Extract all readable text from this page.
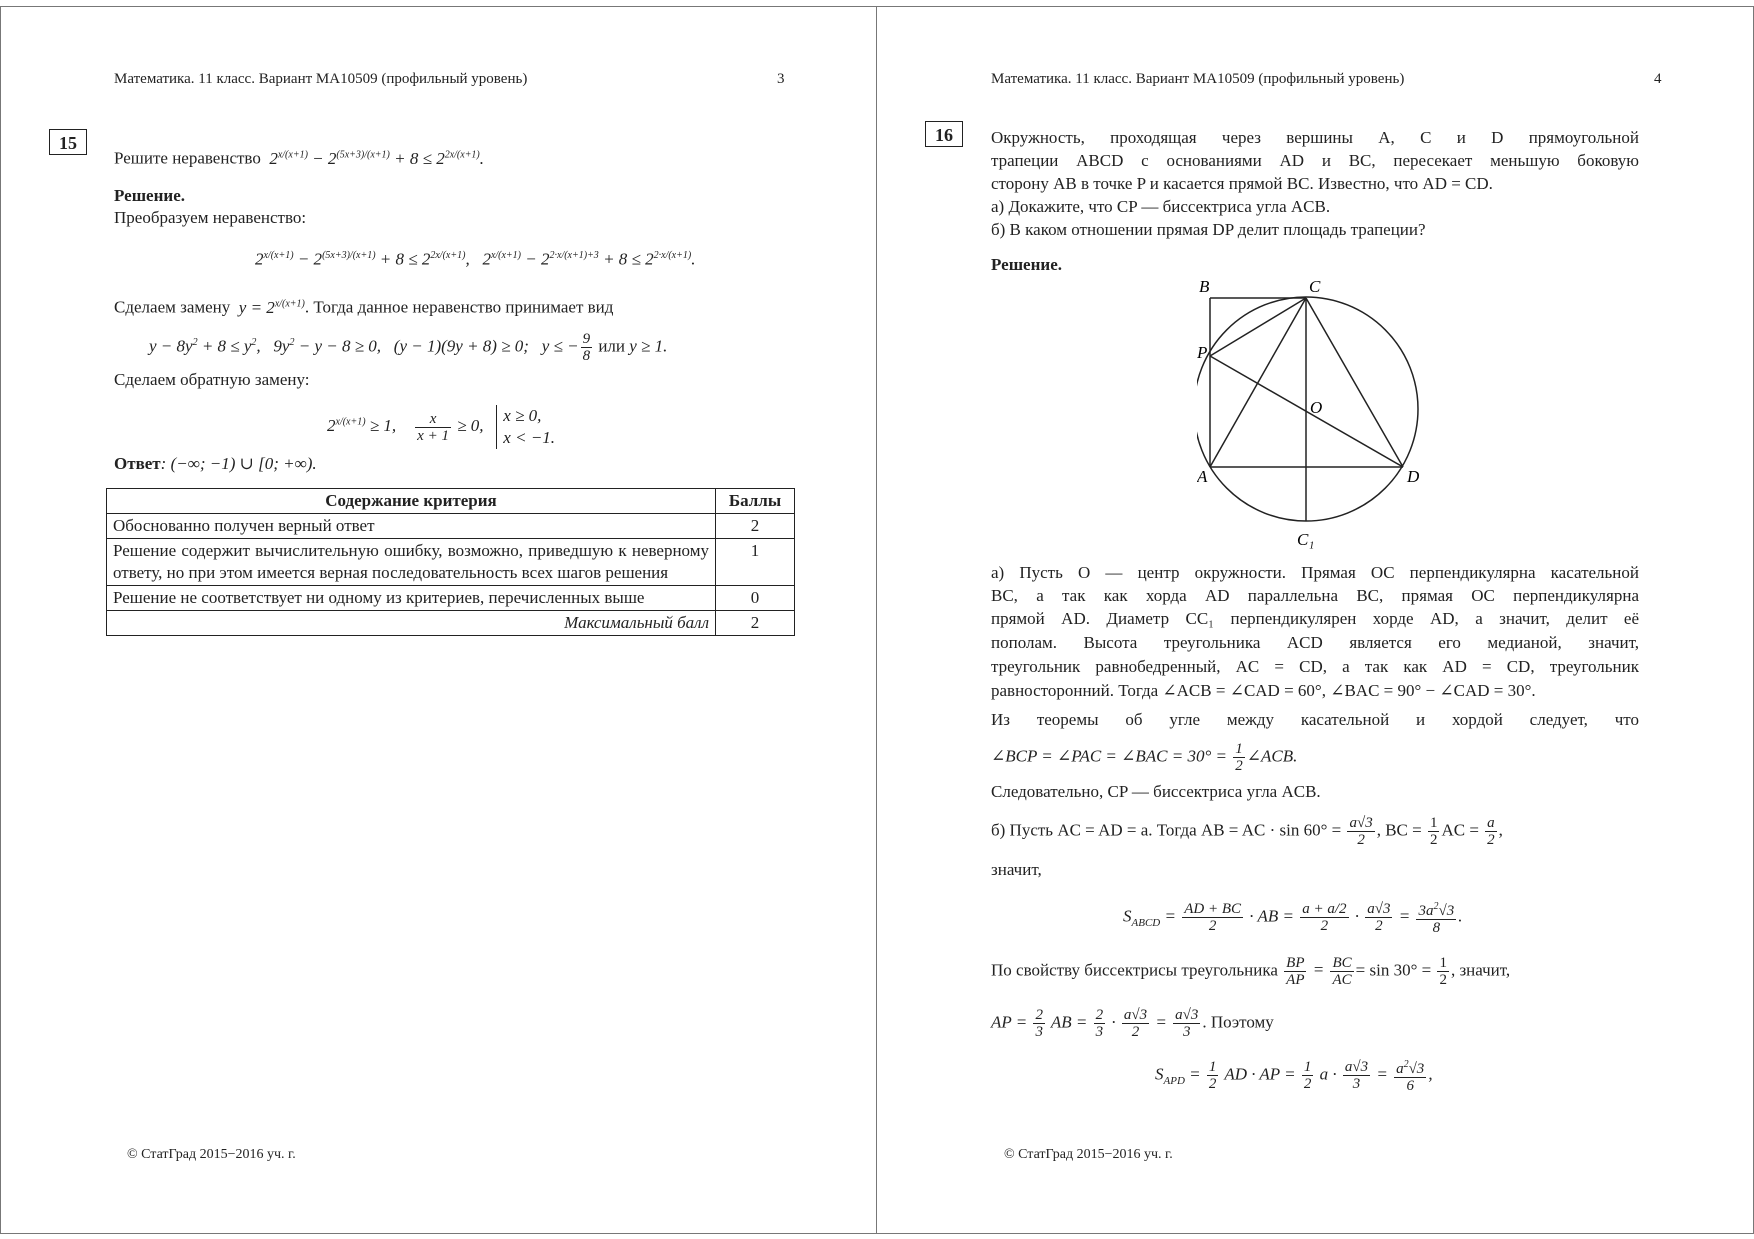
Математика. 11 класс. Вариант МА10509 (профильный уровень)	3
15
Решите неравенство  $2^{x/(x+1)} - 2^{(5x+3)/(x+1)} + 8 \le 2^{2x/(x+1)}$.
Решение.
Преобразуем неравенство:
$2^{x/(x+1)} - 2^{(5x+3)/(x+1)} + 8 \le 2^{2x/(x+1)}$,   $2^{x/(x+1)} - 2^{2\cdot x/(x+1)+3} + 8 \le 2^{2\cdot x/(x+1)}$.
Сделаем замену  $y = 2^{x/(x+1)}$. Тогда данное неравенство принимает вид
$y - 8y^2 + 8 \le y^2$,   $9y^2 - y - 8 \ge 0$,   (y − 1)(9y + 8) ≥ 0;   y ≤ − $\frac{9}{8}$ или y ≥ 1.
Сделаем обратную замену:
$2^{x/(x+1)} \ge 1$, $\frac{x}{x + 1} \ge 0$,   x ≥ 0,
x < −1.
Ответ: (−∞; −1) ∪ [0; +∞).
Содержание критерия	Баллы
Обоснованно получен верный ответ	2
Решение содержит вычислительную ошибку, возможно, приведшую к неверному ответу, но при этом имеется верная последовательность всех шагов решения	1
Решение не соответствует ни одному из критериев, перечисленных выше	0
Максимальный балл	2
© СтатГрад 2015−2016 уч. г.
Математика. 11 класс. Вариант МА10509 (профильный уровень)	4
16	Окружность, проходящая через вершины A, C и D прямоугольной
трапеции ABCD с основаниями AD и BC, пересекает меньшую боковую
сторону AB в точке P и касается прямой BC. Известно, что AD = CD.
а) Докажите, что CP — биссектриса угла ACB.
б) В каком отношении прямая DP делит площадь трапеции?
Решение.
B	C
P
O
A	D
C₁
а) Пусть O — центр окружности. Прямая OC перпендикулярна касательной
BC, а так как хорда AD параллельна BC, прямая OC перпендикулярна
прямой AD. Диаметр CC₁ перпендикулярен хорде AD, а значит, делит её
пополам. Высота треугольника ACD является его медианой, значит,
треугольник равнобедренный, AC = CD, а так как AD = CD, треугольник
равносторонний. Тогда ∠ACB = ∠CAD = 60°, ∠BAC = 90° − ∠CAD = 30°.
Из теоремы об угле между касательной и хордой следует, что
∠BCP = ∠PAC = ∠BAC = $30^\circ = \frac{1}{2}$ ∠ACB.
Следовательно, CP — биссектриса угла ACB.
б) Пусть AC = AD = a. Тогда AB = AC · $\sin 60^\circ = \frac{a√3}{2}$ , BC = $\frac{1}{2}$ AC = $\frac{a}{2}$ ,
значит,
$S_{ABCD} = \frac{AD + BC}{2}$ · AB = $\frac{a + a/2}{2} \cdot \frac{a√3}{2} = \frac{3a^2√3}{8}$ .
По свойству биссектрисы треугольника $\frac{BP}{AP} = \frac{BC}{AC} = \sin 30^\circ = \frac{1}{2}$ , значит,
AP = $\frac{2}{3}$ AB = $\frac{2}{3} \cdot \frac{a√3}{2} = \frac{a√3}{3}$ . Поэтому
$S_{APD} = \frac{1}{2}$ AD · AP = $\frac{1}{2}$ $a \cdot \frac{a√3}{3} = \frac{a^2√3}{6}$ ,
© СтатГрад 2015−2016 уч. г.
